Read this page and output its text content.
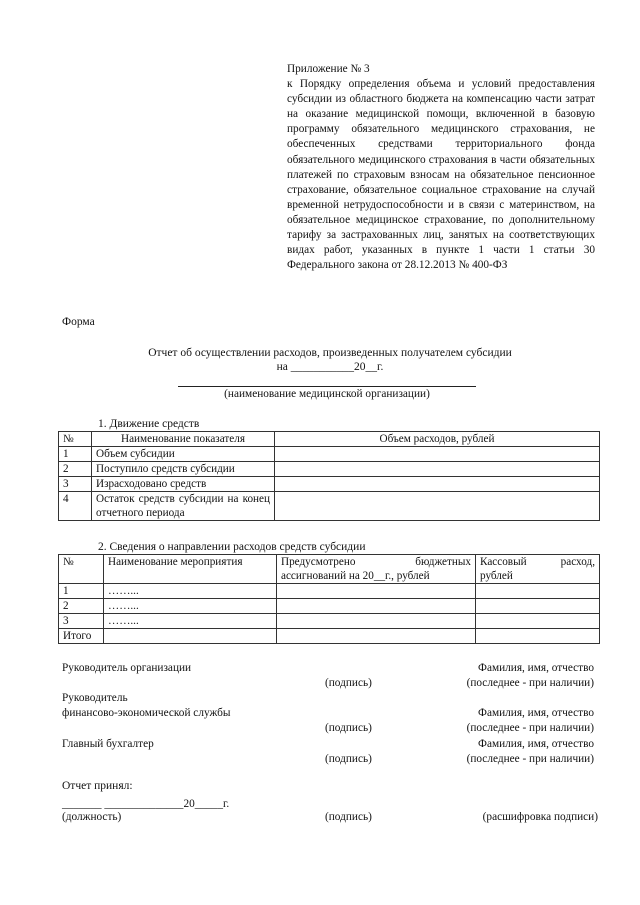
Приложение № 3
к Порядку определения объема и условий предоставления субсидии из областного бюджета на компенсацию части затрат на оказание медицинской помощи, включенной в базовую программу обязательного медицинского страхования, не обеспеченных средствами территориального фонда обязательного медицинского страхования в части обязательных платежей по страховым взносам на обязательное пенсионное страхование, обязательное социальное страхование на случай временной нетрудоспособности и в связи с материнством, на обязательное медицинское страхование, по дополнительному тарифу за застрахованных лиц, занятых на соответствующих видах работ, указанных в пункте 1 части 1 статьи 30 Федерального закона от 28.12.2013 № 400-ФЗ
Форма
Отчет об осуществлении расходов, произведенных получателем субсидии
на ___________20__г.
(наименование медицинской организации)
1. Движение средств
№	Наименование показателя	Объем расходов, рублей
1	Объем субсидии	
2	Поступило средств субсидии	
3	Израсходовано средств	
4	Остаток средств субсидии на конец отчетного периода	
2. Сведения о направлении расходов средств субсидии
№	Наименование мероприятия	Предусмотрено бюджетных ассигнований на 20__г., рублей	Кассовый расход, рублей
1	……...		
2	……...		
3	……...		
Итого			
Руководитель организации	Фамилия, имя, отчество
(подпись)	(последнее - при наличии)
Руководитель
финансово-экономической службы	Фамилия, имя, отчество
(подпись)	(последнее - при наличии)
Главный бухгалтер	Фамилия, имя, отчество
(подпись)	(последнее - при наличии)
Отчет принял:
_______ ______________20_____г.
(должность)	(подпись)	(расшифровка подписи)
